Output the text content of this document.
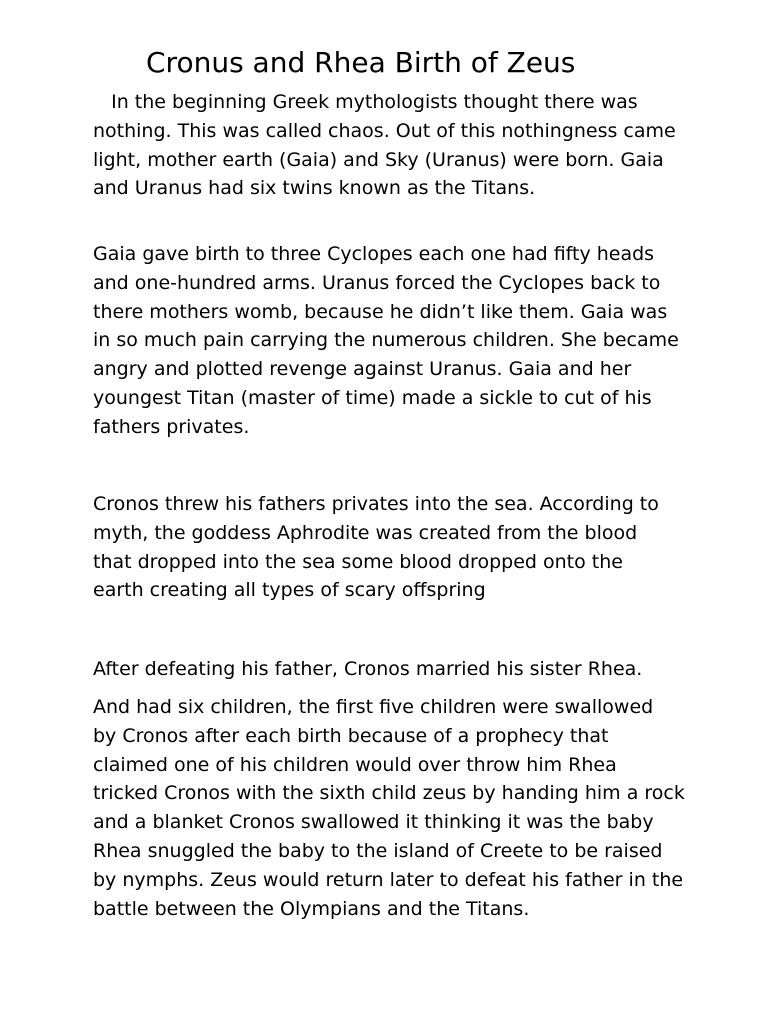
Cronus and Rhea Birth of Zeus

In the beginning Greek mythologists thought there was
nothing. This was called chaos. Out of this nothingness came
light, mother earth (Gaia) and Sky (Uranus) were born. Gaia
and Uranus had six twins known as the Titans.

Gaia gave birth to three Cyclopes each one had fifty heads
and one-hundred arms. Uranus forced the Cyclopes back to
there mothers womb, because he didn’t like them. Gaia was
in so much pain carrying the numerous children. She became
angry and plotted revenge against Uranus. Gaia and her
youngest Titan (master of time) made a sickle to cut of his
fathers privates.

Cronos threw his fathers privates into the sea. According to
myth, the goddess Aphrodite was created from the blood
that dropped into the sea some blood dropped onto the
earth creating all types of scary offspring

After defeating his father, Cronos married his sister Rhea.

And had six children, the first five children were swallowed
by Cronos after each birth because of a prophecy that
claimed one of his children would over throw him Rhea
tricked Cronos with the sixth child zeus by handing him a rock
and a blanket Cronos swallowed it thinking it was the baby
Rhea snuggled the baby to the island of Creete to be raised
by nymphs. Zeus would return later to defeat his father in the
battle between the Olympians and the Titans.
